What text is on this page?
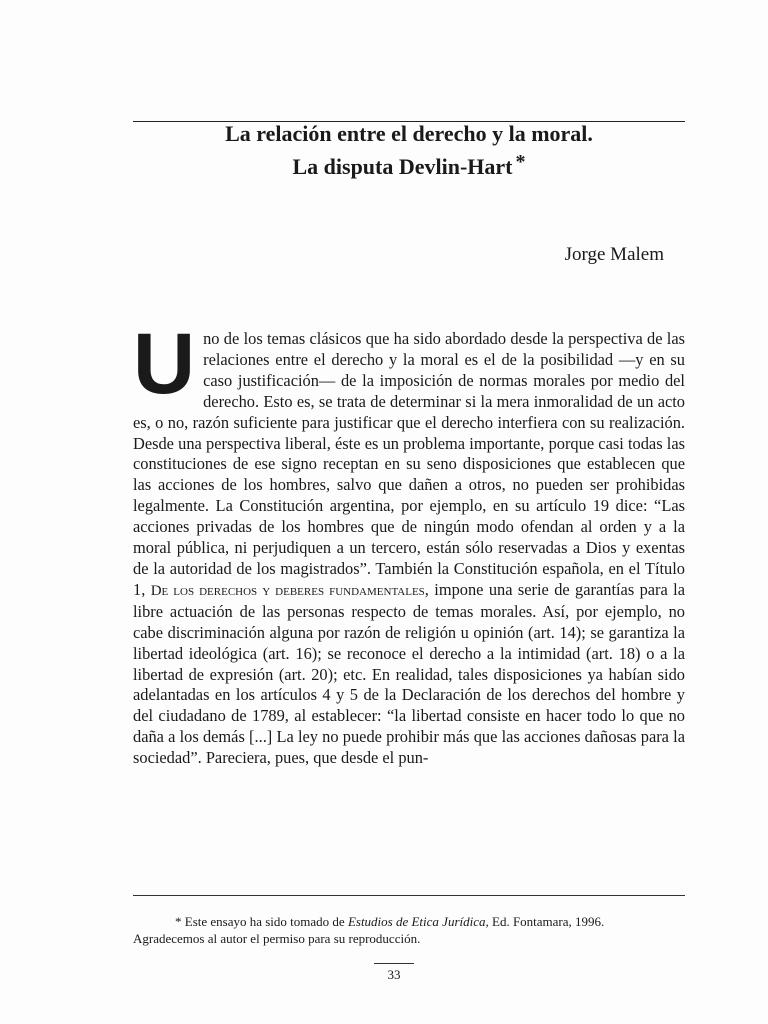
La relación entre el derecho y la moral.
La disputa Devlin-Hart *
Jorge Malem

Uno de los temas clásicos que ha sido abordado desde la perspectiva de las relaciones entre el derecho y la moral es el de la posibilidad —y en su caso justificación— de la imposición de normas morales por medio del derecho. Esto es, se trata de determinar si la mera inmoralidad de un acto es, o no, razón suficiente para justificar que el derecho interfiera con su realización. Desde una perspectiva liberal, éste es un problema importante, porque casi todas las constituciones de ese signo receptan en su seno disposiciones que establecen que las acciones de los hombres, salvo que dañen a otros, no pueden ser prohibidas legalmente. La Constitución argentina, por ejemplo, en su artículo 19 dice: “Las acciones privadas de los hombres que de ningún modo ofendan al orden y a la moral pública, ni perjudiquen a un tercero, están sólo reservadas a Dios y exentas de la autoridad de los magistrados”. También la Constitución española, en el Título 1, De los derechos y deberes fundamentales, impone una serie de garantías para la libre actuación de las personas respecto de temas morales. Así, por ejemplo, no cabe discriminación alguna por razón de religión u opinión (art. 14); se garantiza la libertad ideológica (art. 16); se reconoce el derecho a la intimidad (art. 18) o a la libertad de expresión (art. 20); etc. En realidad, tales disposiciones ya habían sido adelantadas en los artículos 4 y 5 de la Declaración de los derechos del hombre y del ciudadano de 1789, al establecer: “la libertad consiste en hacer todo lo que no daña a los demás [...] La ley no puede prohibir más que las acciones dañosas para la sociedad”. Pareciera, pues, que desde el pun-

* Este ensayo ha sido tomado de Estudios de Etica Jurídica, Ed. Fontamara, 1996.
Agradecemos al autor el permiso para su reproducción.
33
